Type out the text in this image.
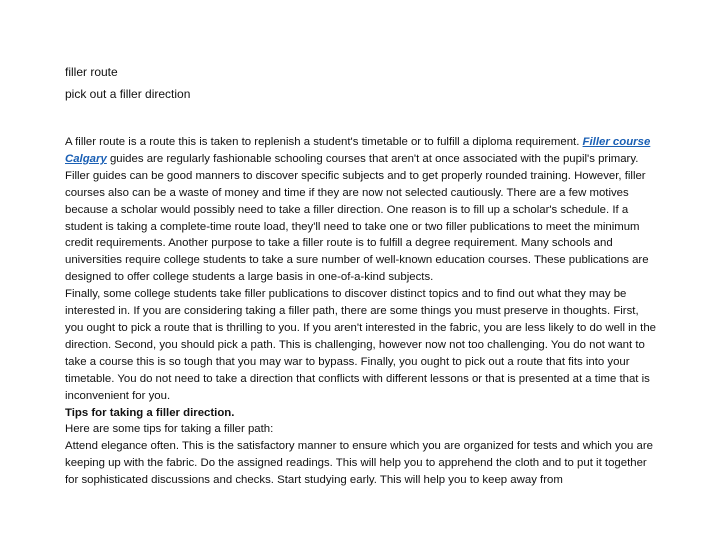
filler route

pick out a filler direction

A filler route is a route this is taken to replenish a student's timetable or to fulfill a diploma requirement. Filler course Calgary guides are regularly fashionable schooling courses that aren't at once associated with the pupil's primary. Filler guides can be good manners to discover specific subjects and to get properly rounded training. However, filler courses also can be a waste of money and time if they are now not selected cautiously. There are a few motives because a scholar would possibly need to take a filler direction. One reason is to fill up a scholar's schedule. If a student is taking a complete-time route load, they'll need to take one or two filler publications to meet the minimum credit requirements. Another purpose to take a filler route is to fulfill a degree requirement. Many schools and universities require college students to take a sure number of well-known education courses. These publications are designed to offer college students a large basis in one-of-a-kind subjects.

Finally, some college students take filler publications to discover distinct topics and to find out what they may be interested in. If you are considering taking a filler path, there are some things you must preserve in thoughts. First, you ought to pick a route that is thrilling to you. If you aren't interested in the fabric, you are less likely to do well in the direction. Second, you should pick a path. This is challenging, however now not too challenging. You do not want to take a course this is so tough that you may war to bypass. Finally, you ought to pick out a route that fits into your timetable. You do not need to take a direction that conflicts with different lessons or that is presented at a time that is inconvenient for you.

Tips for taking a filler direction.

Here are some tips for taking a filler path:

Attend elegance often. This is the satisfactory manner to ensure which you are organized for tests and which you are keeping up with the fabric. Do the assigned readings. This will help you to apprehend the cloth and to put it together for sophisticated discussions and checks. Start studying early. This will help you to keep away from
